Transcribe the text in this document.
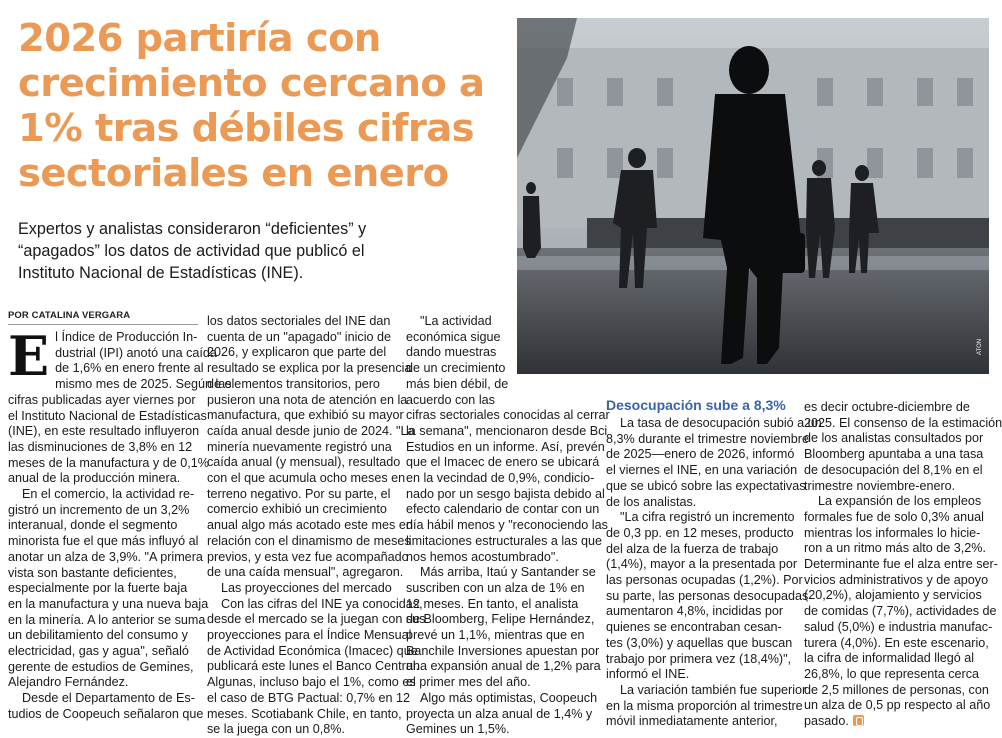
2026 partiría con
crecimiento cercano a
1% tras débiles cifras
sectoriales en enero
Expertos y analistas consideraron “deficientes” y
“apagados” los datos de actividad que publicó el
Instituto Nacional de Estadísticas (INE).
POR CATALINA VERGARA
ATON
E l Índice de Producción In-
dustrial (IPI) anotó una caída
de 1,6% en enero frente al
mismo mes de 2025. Según las
cifras publicadas ayer viernes por
el Instituto Nacional de Estadísticas
(INE), en este resultado influyeron
las disminuciones de 3,8% en 12
meses de la manufactura y de 0,1%
anual de la producción minera.
En el comercio, la actividad re-
gistró un incremento de un 3,2%
interanual, donde el segmento
minorista fue el que más influyó al
anotar un alza de 3,9%. "A primera
vista son bastante deficientes,
especialmente por la fuerte baja
en la manufactura y una nueva baja
en la minería. A lo anterior se suma
un debilitamiento del consumo y
electricidad, gas y agua", señaló
gerente de estudios de Gemines,
Alejandro Fernández.
Desde el Departamento de Es-
tudios de Coopeuch señalaron que
los datos sectoriales del INE dan
cuenta de un "apagado" inicio de
2026, y explicaron que parte del
resultado se explica por la presencia
de elementos transitorios, pero
pusieron una nota de atención en la
manufactura, que exhibió su mayor
caída anual desde junio de 2024. "La
minería nuevamente registró una
caída anual (y mensual), resultado
con el que acumula ocho meses en
terreno negativo. Por su parte, el
comercio exhibió un crecimiento
anual algo más acotado este mes en
relación con el dinamismo de meses
previos, y esta vez fue acompañado
de una caída mensual", agregaron.
Las proyecciones del mercado
Con las cifras del INE ya conocidas,
desde el mercado se la juegan con sus
proyecciones para el Índice Mensual
de Actividad Económica (Imacec) que
publicará este lunes el Banco Central.
Algunas, incluso bajo el 1%, como es
el caso de BTG Pactual: 0,7% en 12
meses. Scotiabank Chile, en tanto,
se la juega con un 0,8%.
"La actividad
económica sigue
dando muestras
de un crecimiento
más bien débil, de
acuerdo con las
cifras sectoriales conocidas al cerrar
la semana", mencionaron desde Bci
Estudios en un informe. Así, prevén
que el Imacec de enero se ubicará
en la vecindad de 0,9%, condicio-
nado por un sesgo bajista debido al
efecto calendario de contar con un
día hábil menos y "reconociendo las
limitaciones estructurales a las que
nos hemos acostumbrado".
Más arriba, Itaú y Santander se
suscriben con un alza de 1% en
12 meses. En tanto, el analista
de Bloomberg, Felipe Hernández,
prevé un 1,1%, mientras que en
Banchile Inversiones apuestan por
una expansión anual de 1,2% para
el primer mes del año.
Algo más optimistas, Coopeuch
proyecta un alza anual de 1,4% y
Gemines un 1,5%.
Desocupación sube a 8,3%
La tasa de desocupación subió a un
8,3% durante el trimestre noviembre
de 2025—enero de 2026, informó
el viernes el INE, en una variación
que se ubicó sobre las expectativas
de los analistas.
"La cifra registró un incremento
de 0,3 pp. en 12 meses, producto
del alza de la fuerza de trabajo
(1,4%), mayor a la presentada por
las personas ocupadas (1,2%). Por
su parte, las personas desocupadas
aumentaron 4,8%, incididas por
quienes se encontraban cesan-
tes (3,0%) y aquellas que buscan
trabajo por primera vez (18,4%)",
informó el INE.
La variación también fue superior
en la misma proporción al trimestre
móvil inmediatamente anterior,
es decir octubre-diciembre de
2025. El consenso de la estimación
de los analistas consultados por
Bloomberg apuntaba a una tasa
de desocupación del 8,1% en el
trimestre noviembre-enero.
La expansión de los empleos
formales fue de solo 0,3% anual
mientras los informales lo hicie-
ron a un ritmo más alto de 3,2%.
Determinante fue el alza entre ser-
vicios administrativos y de apoyo
(20,2%), alojamiento y servicios
de comidas (7,7%), actividades de
salud (5,0%) e industria manufac-
turera (4,0%). En este escenario,
la cifra de informalidad llegó al
26,8%, lo que representa cerca
de 2,5 millones de personas, con
un alza de 0,5 pp respecto al año
pasado.
